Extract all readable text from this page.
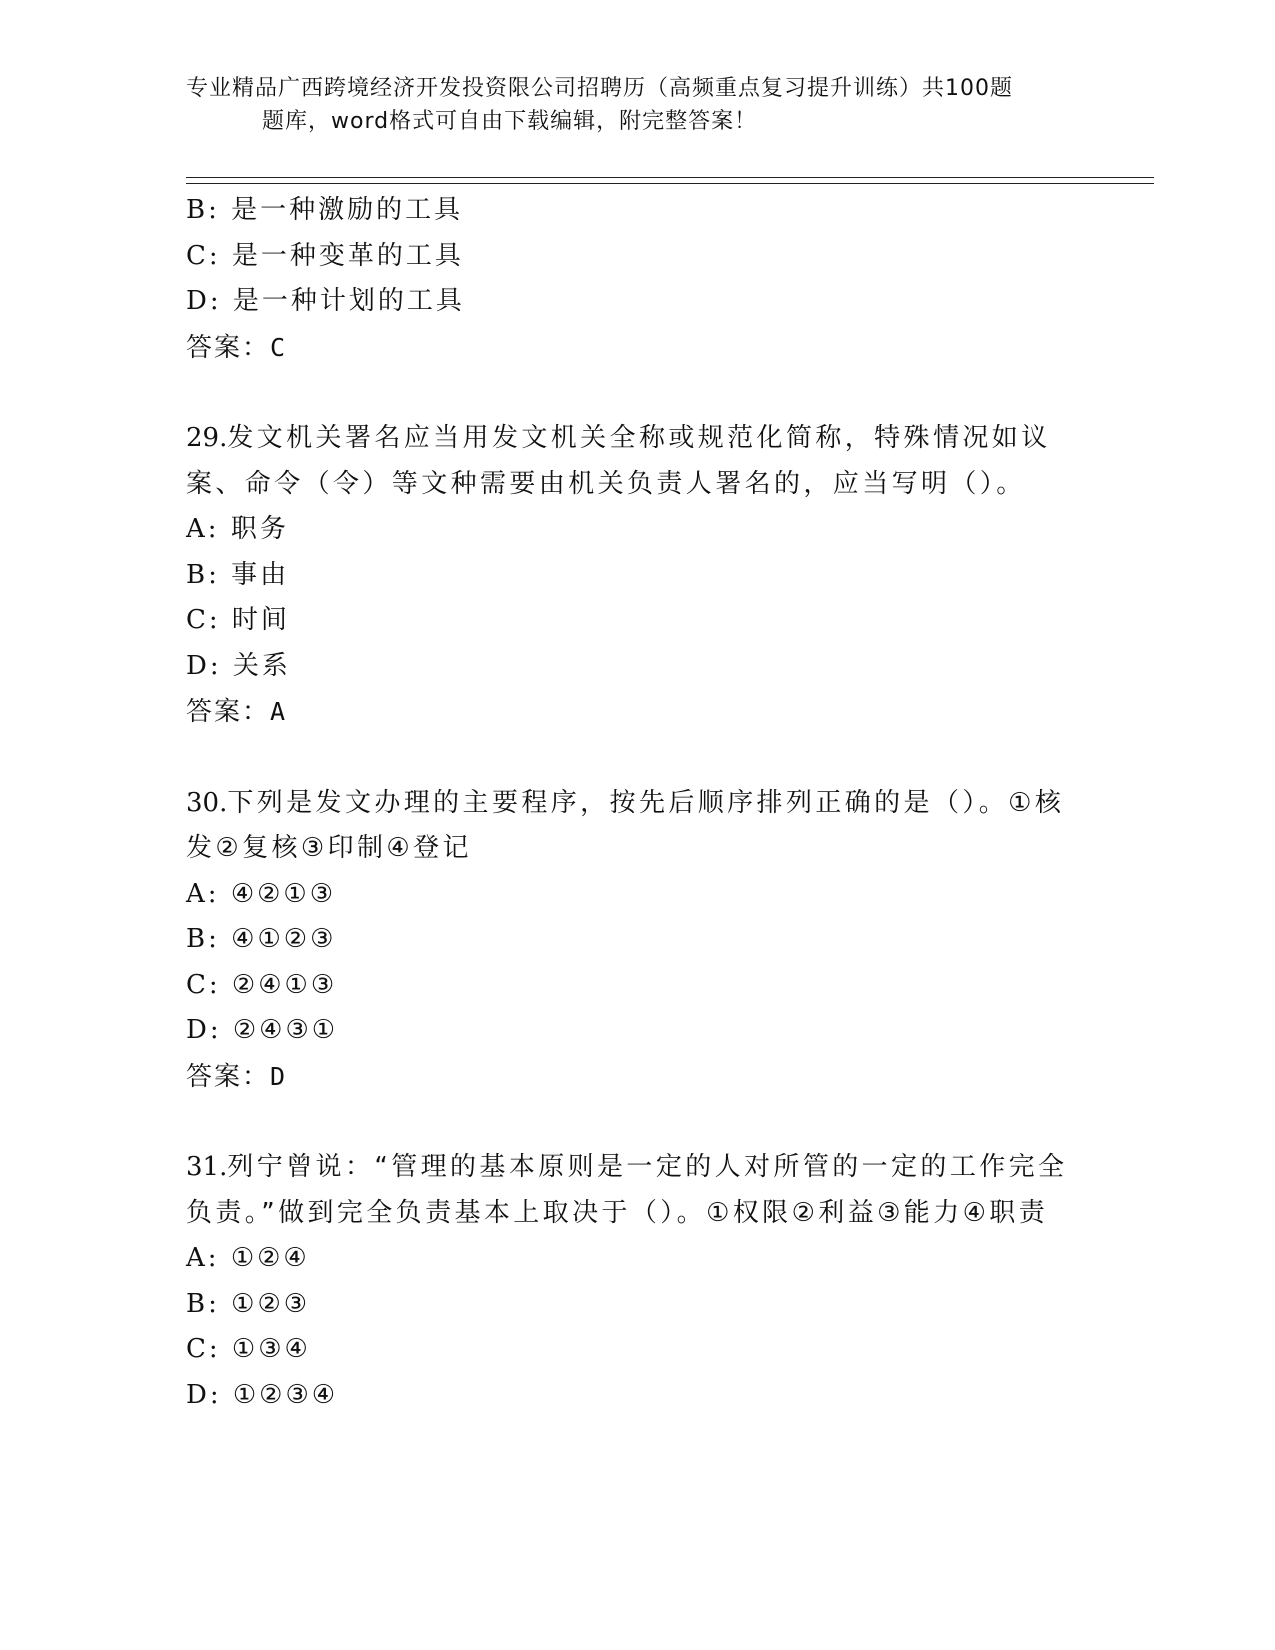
专业精品广西跨境经济开发投资限公司招聘历（高频重点复习提升训练）共100题
题库，word格式可自由下载编辑，附完整答案！
B: 是一种激励的工具
C: 是一种变革的工具
D: 是一种计划的工具
答案：C
29.发文机关署名应当用发文机关全称或规范化简称，特殊情况如议案、命令（令）等文种需要由机关负责人署名的，应当写明（）。
A: 职务
B: 事由
C: 时间
D: 关系
答案：A
30.下列是发文办理的主要程序，按先后顺序排列正确的是（）。①核发②复核③印制④登记
A: ④②①③
B: ④①②③
C: ②④①③
D: ②④③①
答案：D
31.列宁曾说：“管理的基本原则是一定的人对所管的一定的工作完全负责。”做到完全负责基本上取决于（）。①权限②利益③能力④职责
A: ①②④
B: ①②③
C: ①③④
D: ①②③④
